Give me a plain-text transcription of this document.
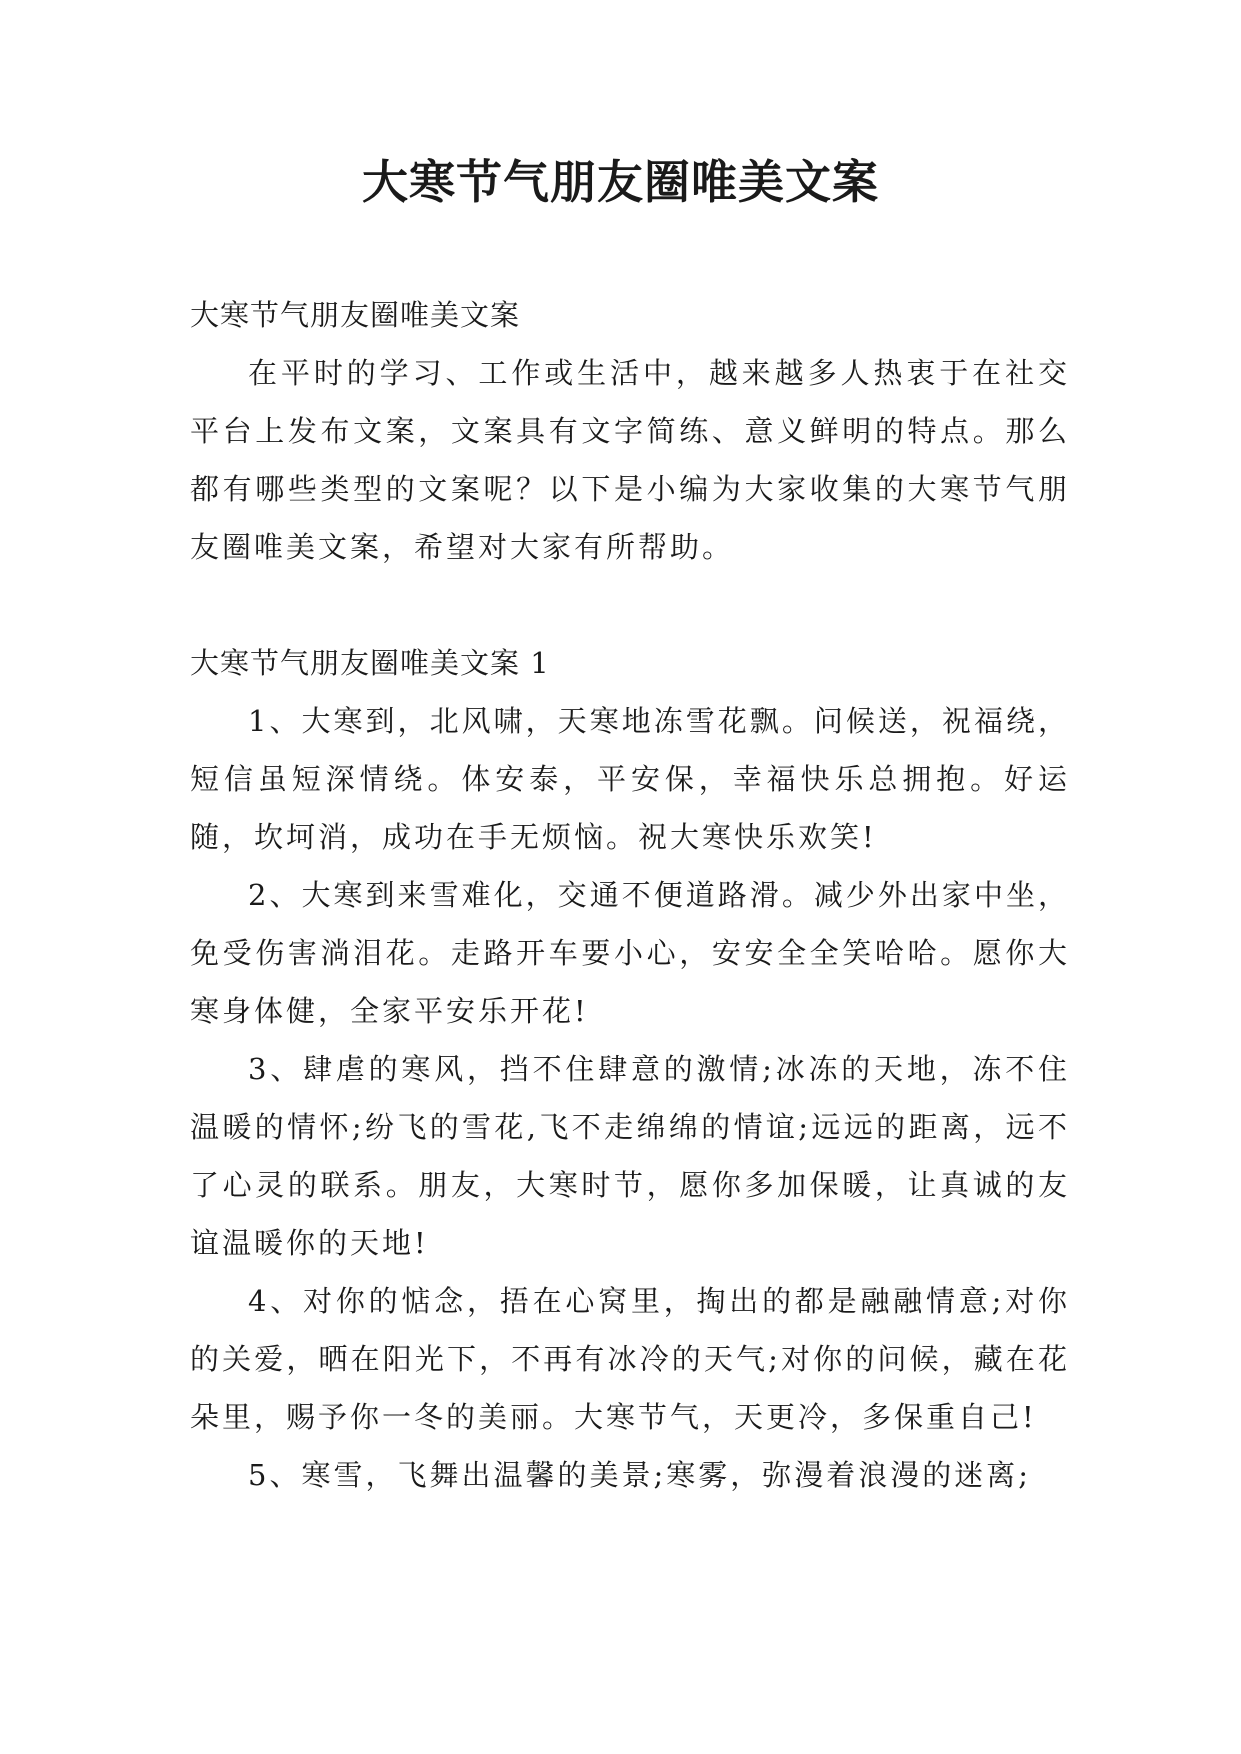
大寒节气朋友圈唯美文案

大寒节气朋友圈唯美文案

在平时的学习、工作或生活中，越来越多人热衷于在社交平台上发布文案，文案具有文字简练、意义鲜明的特点。那么都有哪些类型的文案呢？以下是小编为大家收集的大寒节气朋友圈唯美文案，希望对大家有所帮助。

大寒节气朋友圈唯美文案 1

1、大寒到，北风啸，天寒地冻雪花飘。问候送，祝福绕，短信虽短深情绕。体安泰，平安保，幸福快乐总拥抱。好运随，坎坷消，成功在手无烦恼。祝大寒快乐欢笑!

2、大寒到来雪难化，交通不便道路滑。减少外出家中坐，免受伤害淌泪花。走路开车要小心，安安全全笑哈哈。愿你大寒身体健，全家平安乐开花!

3、肆虐的寒风，挡不住肆意的激情;冰冻的天地，冻不住温暖的情怀;纷飞的雪花,飞不走绵绵的情谊;远远的距离，远不了心灵的联系。朋友，大寒时节，愿你多加保暖，让真诚的友谊温暖你的天地!

4、对你的惦念，捂在心窝里，掏出的都是融融情意;对你的关爱，晒在阳光下，不再有冰冷的天气;对你的问候，藏在花朵里，赐予你一冬的美丽。大寒节气，天更冷，多保重自己!

5、寒雪，飞舞出温馨的美景;寒雾，弥漫着浪漫的迷离;
